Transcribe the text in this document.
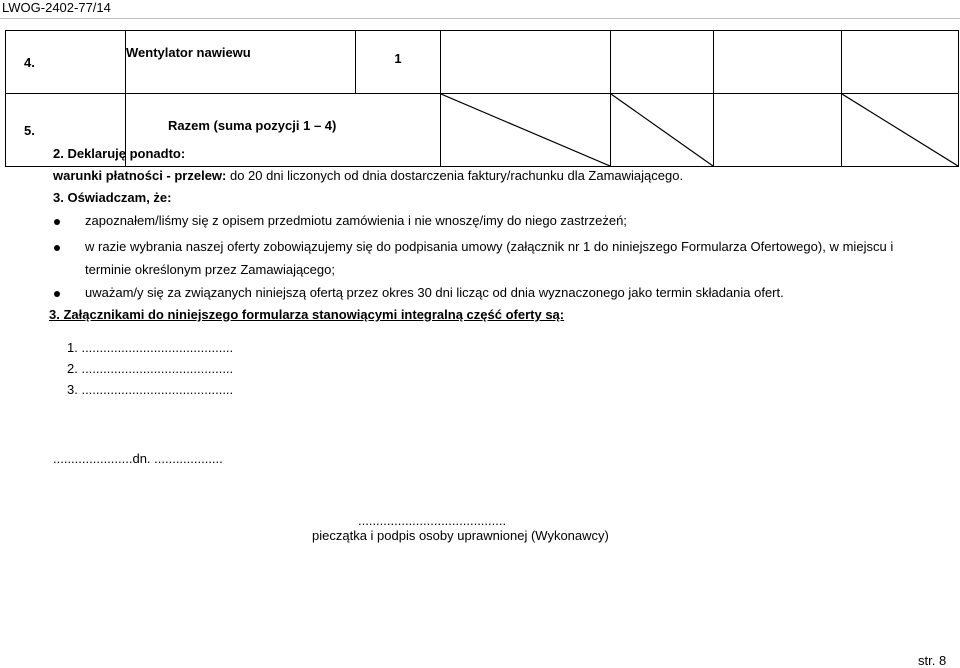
LWOG-2402-77/14
4.	Wentylator nawiewu	1				
5.	Razem (suma pozycji 1 – 4)	

2. Deklaruję ponadto:
warunki płatności - przelew: do 20 dni liczonych od dnia dostarczenia faktury/rachunku dla Zamawiającego.
3. Oświadczam, że:
zapoznałem/liśmy się z opisem przedmiotu zamówienia i nie wnoszę/imy do niego zastrzeżeń;
w razie wybrania naszej oferty zobowiązujemy się do podpisania umowy (załącznik nr 1 do niniejszego Formularza Ofertowego), w miejscu i
terminie określonym przez Zamawiającego;
uważam/y się za związanych niniejszą ofertą przez okres 30 dni licząc od dnia wyznaczonego jako termin składania ofert.
3. Załącznikami do niniejszego formularza stanowiącymi integralną część oferty są:
1. ..........................................
2. ..........................................
3. ..........................................
......................dn. ...................
.........................................
pieczątka i podpis osoby uprawnionej (Wykonawcy)
str. 8
